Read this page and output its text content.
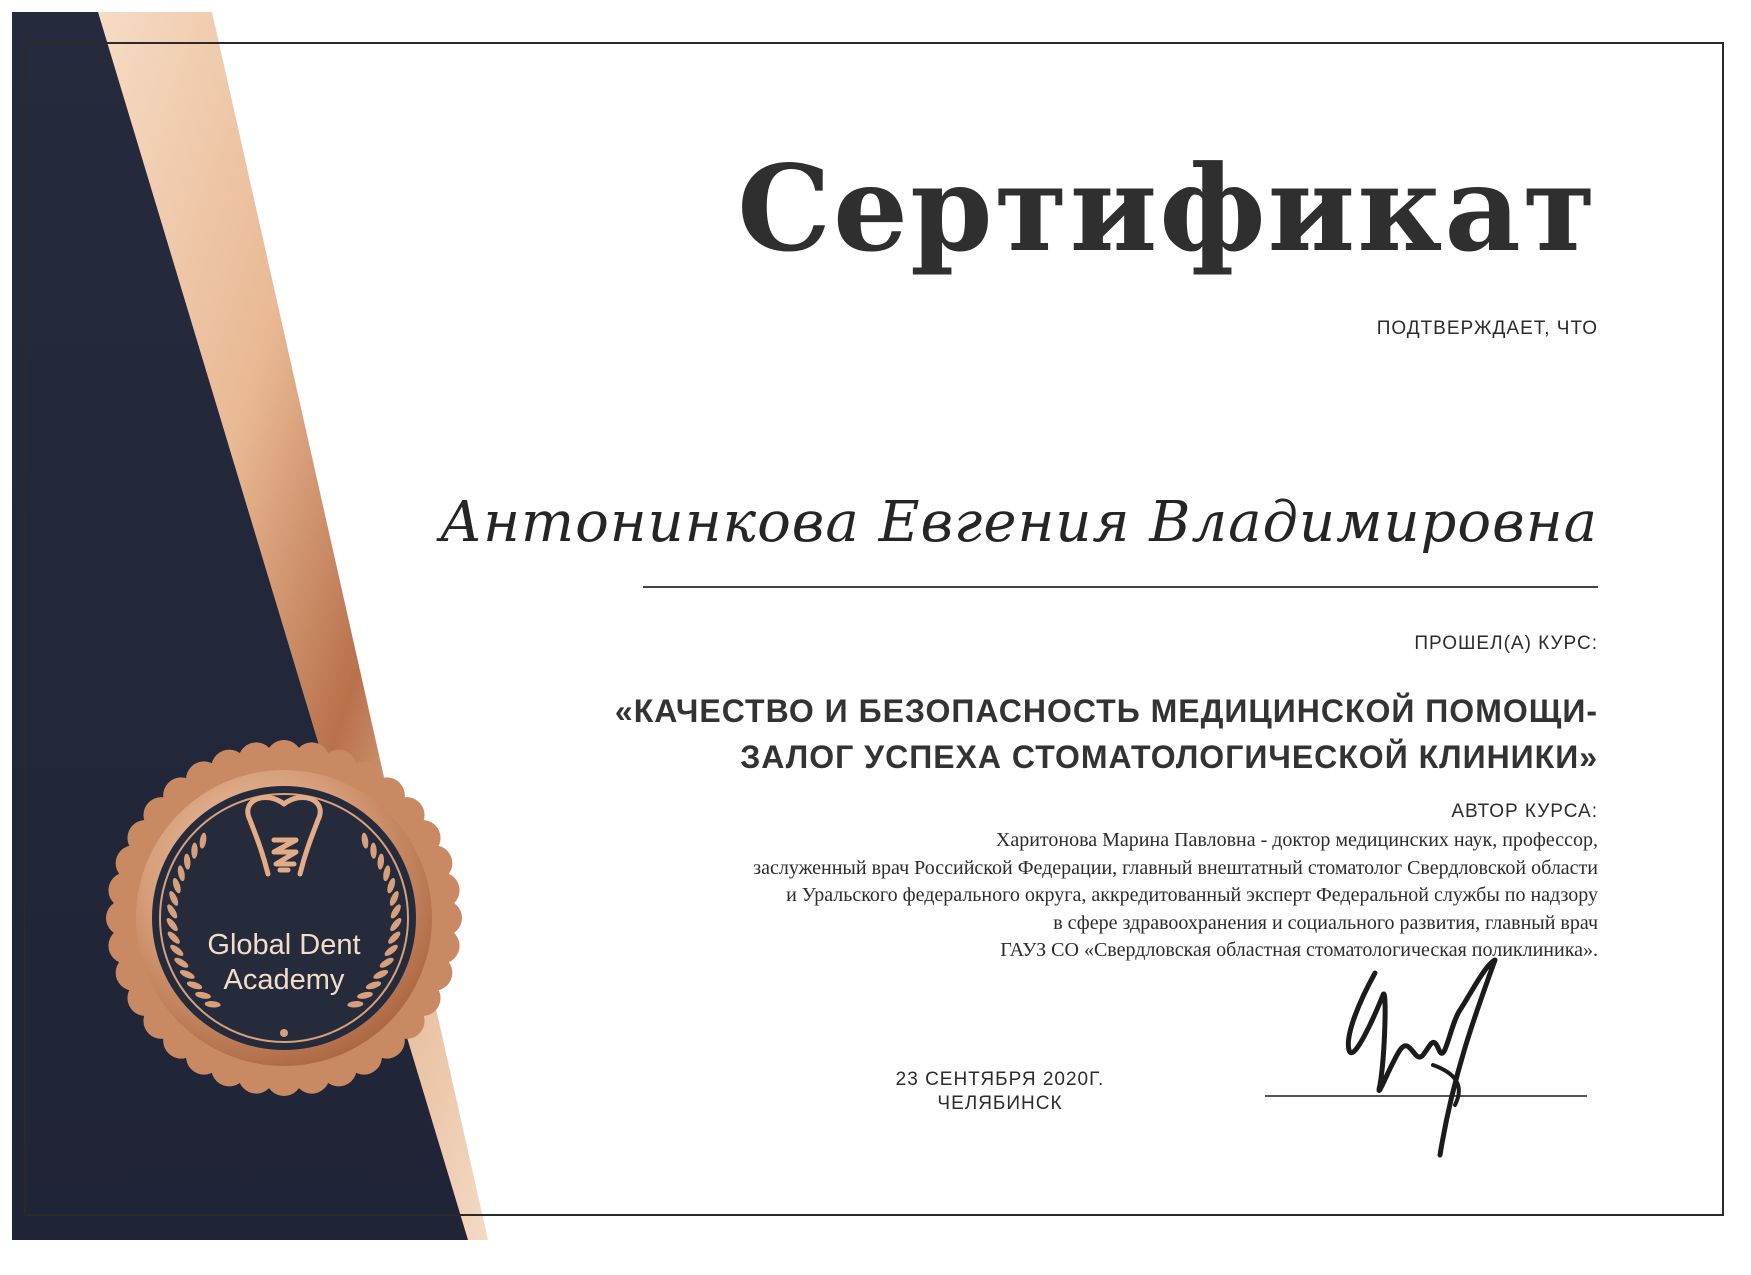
Global Dent
Academy
Сертификат
ПОДТВЕРЖДАЕТ, ЧТО
Антонинкова Евгения Владимировна
ПРОШЕЛ(А) КУРС:
«КАЧЕСТВО И БЕЗОПАСНОСТЬ МЕДИЦИНСКОЙ ПОМОЩИ-
ЗАЛОГ УСПЕХА СТОМАТОЛОГИЧЕСКОЙ КЛИНИКИ»
АВТОР КУРСА:
Харитонова Марина Павловна - доктор медицинских наук, профессор,
заслуженный врач Российской Федерации, главный внештатный стоматолог Свердловской области
и Уральского федерального округа, аккредитованный эксперт Федеральной службы по надзору
в сфере здравоохранения и социального развития, главный врач
ГАУЗ СО «Свердловская областная стоматологическая поликлиника».
23 СЕНТЯБРЯ 2020Г.
ЧЕЛЯБИНСК
